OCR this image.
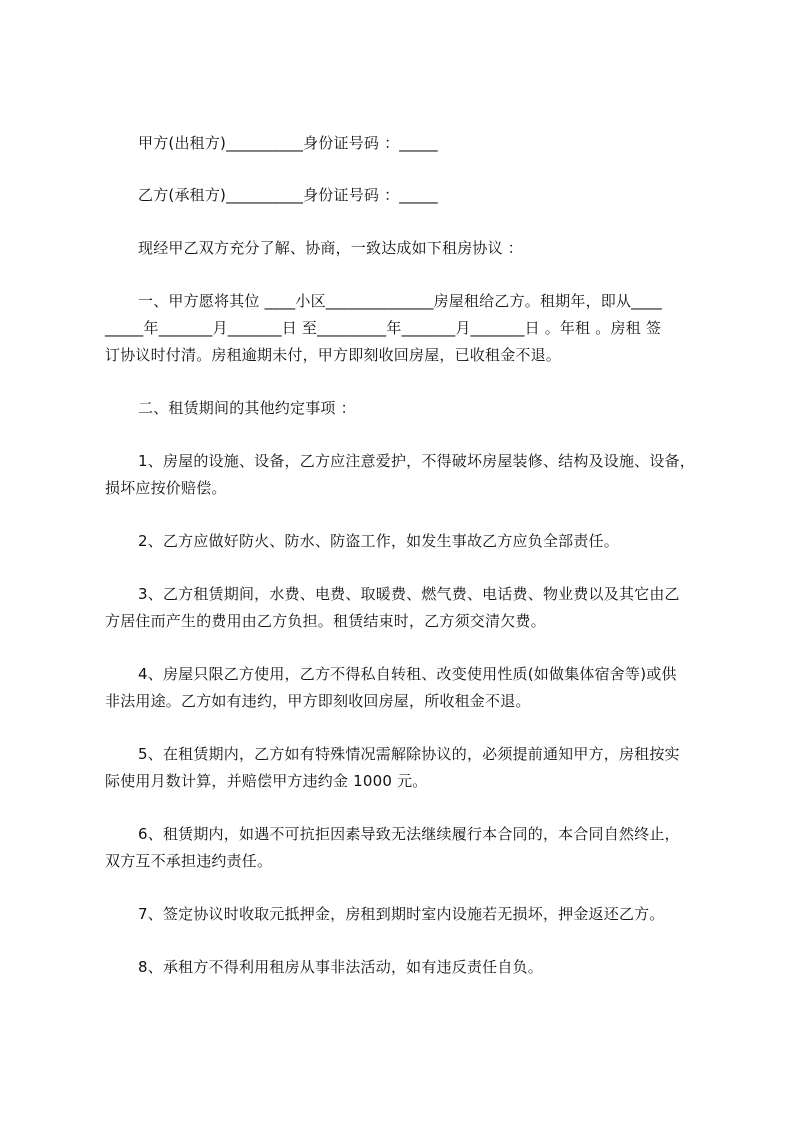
甲方(出租方)__________身份证号码 ：_____
乙方(承租方)__________身份证号码 ：_____
现经甲乙双方充分了解、协商，一致达成如下租房协议 ：
一、甲方愿将其位 ____小区______________房屋租给乙方。租期年，即从____
_____年_______月_______日 至_________年_______月_______日 。年租 。房租 签
订协议时付清。房租逾期未付，甲方即刻收回房屋，已收租金不退。
二、租赁期间的其他约定事项 ：
1、房屋的设施、设备，乙方应注意爱护，不得破坏房屋装修、结构及设施、设备，
损坏应按价赔偿。
2、乙方应做好防火、防水、防盗工作，如发生事故乙方应负全部责任。
3、乙方租赁期间，水费、电费、取暖费、燃气费、电话费、物业费以及其它由乙
方居住而产生的费用由乙方负担。租赁结束时，乙方须交清欠费。
4、房屋只限乙方使用，乙方不得私自转租、改变使用性质(如做集体宿舍等)或供
非法用途。乙方如有违约，甲方即刻收回房屋，所收租金不退。
5、在租赁期内，乙方如有特殊情况需解除协议的，必须提前通知甲方，房租按实
际使用月数计算，并赔偿甲方违约金 1000 元。
6、租赁期内，如遇不可抗拒因素导致无法继续履行本合同的，本合同自然终止，
双方互不承担违约责任。
7、签定协议时收取元抵押金，房租到期时室内设施若无损坏，押金返还乙方。
8、承租方不得利用租房从事非法活动，如有违反责任自负。
